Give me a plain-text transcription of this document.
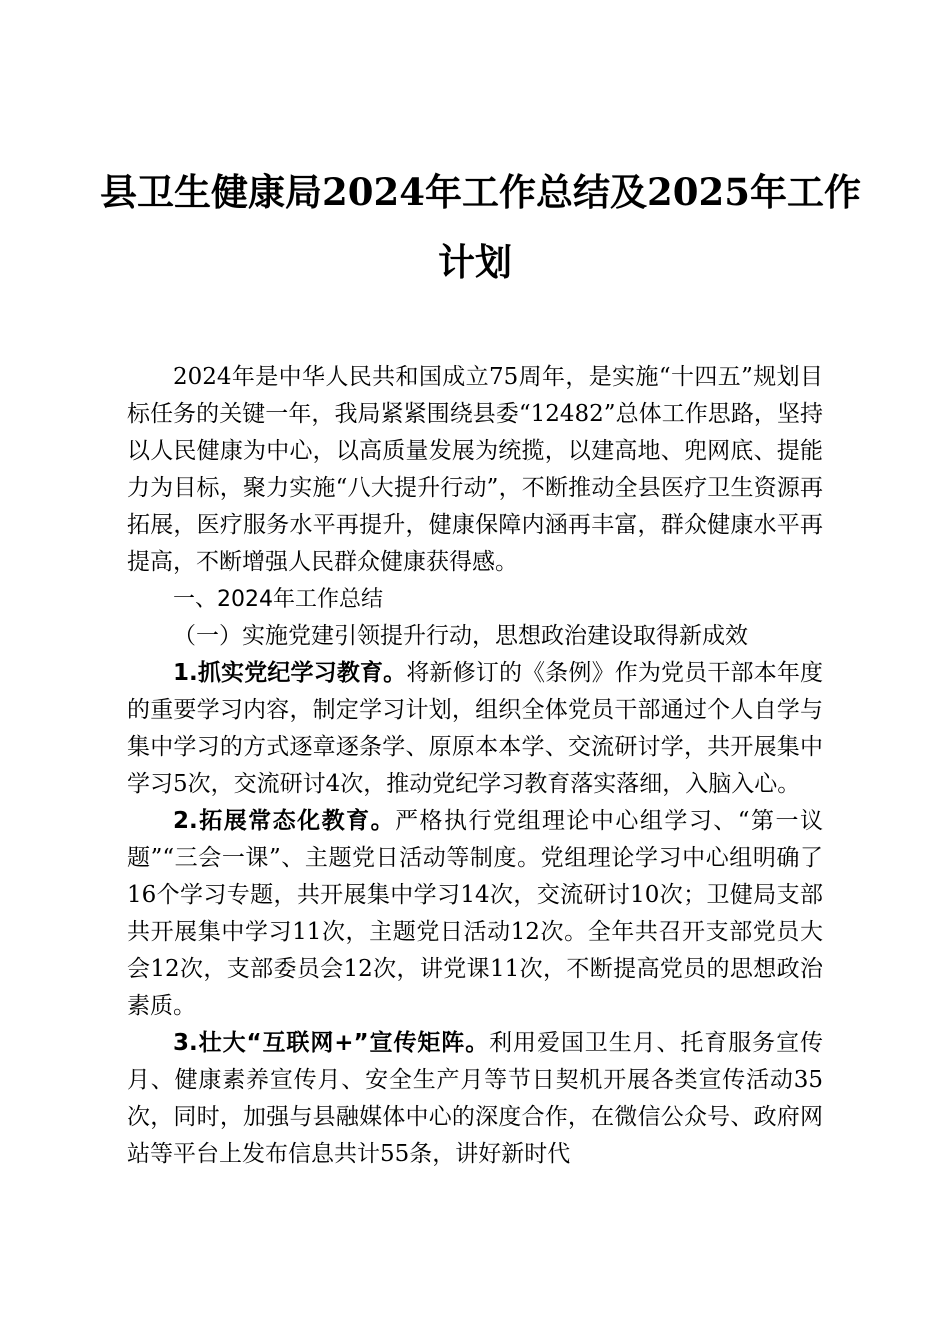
县卫生健康局2024年工作总结及2025年工作
计划

2024年是中华人民共和国成立75周年，是实施“十四五”规划目标任务的关键一年，我局紧紧围绕县委“12482”总体工作思路，坚持以人民健康为中心，以高质量发展为统揽，以建高地、兜网底、提能力为目标，聚力实施“八大提升行动”，不断推动全县医疗卫生资源再拓展，医疗服务水平再提升，健康保障内涵再丰富，群众健康水平再提高，不断增强人民群众健康获得感。

一、2024年工作总结

（一）实施党建引领提升行动，思想政治建设取得新成效

1.抓实党纪学习教育。将新修订的《条例》作为党员干部本年度的重要学习内容，制定学习计划，组织全体党员干部通过个人自学与集中学习的方式逐章逐条学、原原本本学、交流研讨学，共开展集中学习5次，交流研讨4次，推动党纪学习教育落实落细，入脑入心。

2.拓展常态化教育。严格执行党组理论中心组学习、“第一议题”“三会一课”、主题党日活动等制度。党组理论学习中心组明确了16个学习专题，共开展集中学习14次，交流研讨10次；卫健局支部共开展集中学习11次，主题党日活动12次。全年共召开支部党员大会12次，支部委员会12次，讲党课11次，不断提高党员的思想政治素质。

3.壮大“互联网+”宣传矩阵。利用爱国卫生月、托育服务宣传月、健康素养宣传月、安全生产月等节日契机开展各类宣传活动35次，同时，加强与县融媒体中心的深度合作，在微信公众号、政府网站等平台上发布信息共计55条，讲好新时代
